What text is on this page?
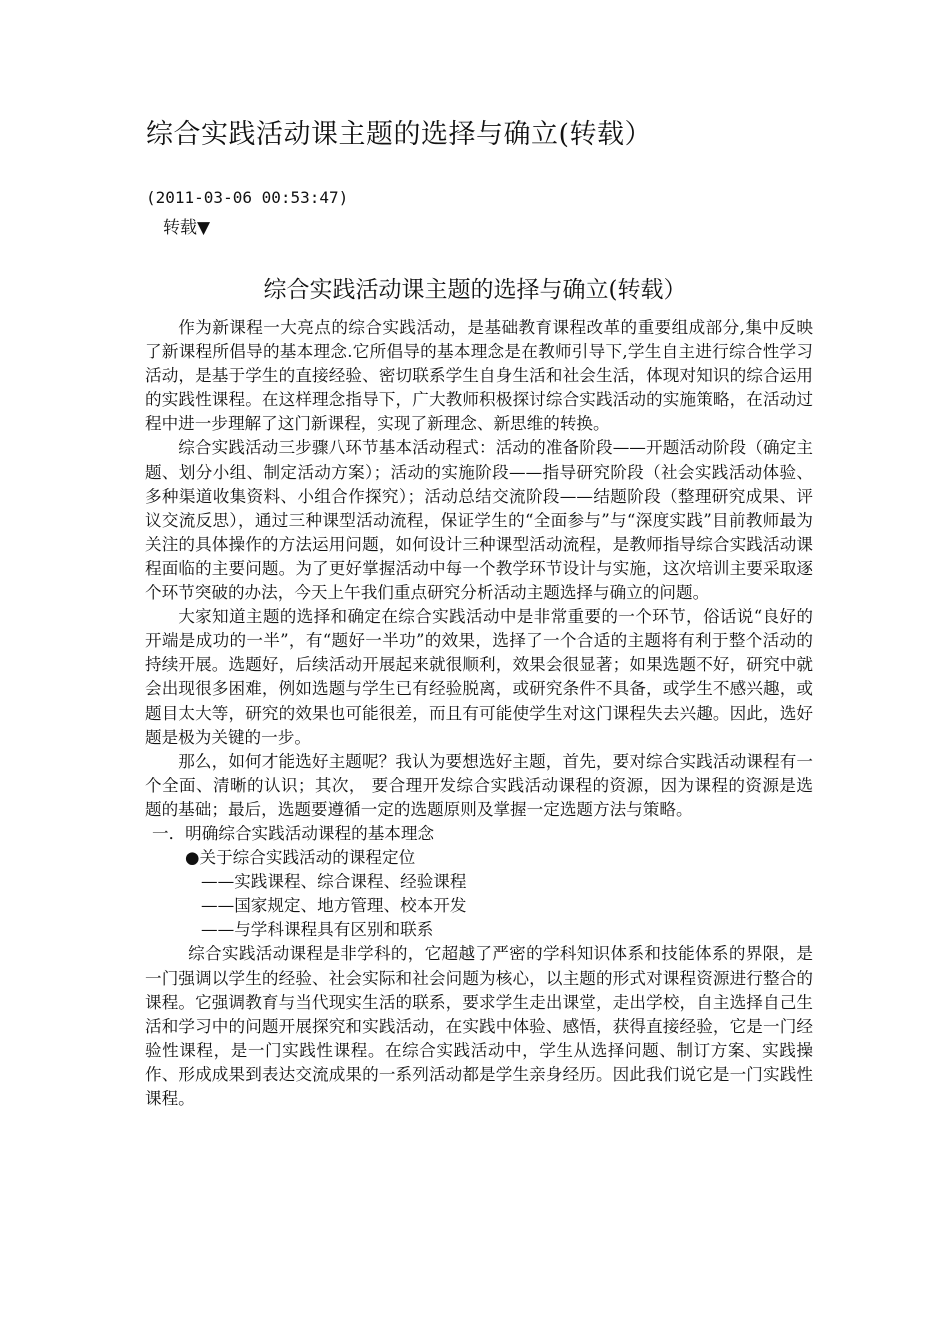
综合实践活动课主题的选择与确立(转载）
(2011-03-06 00:53:47)
转载▼
综合实践活动课主题的选择与确立(转载）

作为新课程一大亮点的综合实践活动，是基础教育课程改革的重要组成部分,集中反映了新课程所倡导的基本理念.它所倡导的基本理念是在教师引导下,学生自主进行综合性学习活动，是基于学生的直接经验、密切联系学生自身生活和社会生活，体现对知识的综合运用的实践性课程。在这样理念指导下，广大教师积极探讨综合实践活动的实施策略，在活动过程中进一步理解了这门新课程，实现了新理念、新思维的转换。

综合实践活动三步骤八环节基本活动程式：活动的准备阶段——开题活动阶段（确定主题、划分小组、制定活动方案）；活动的实施阶段——指导研究阶段（社会实践活动体验、多种渠道收集资料、小组合作探究）；活动总结交流阶段——结题阶段（整理研究成果、评议交流反思），通过三种课型活动流程，保证学生的“全面参与”与“深度实践”目前教师最为关注的具体操作的方法运用问题，如何设计三种课型活动流程，是教师指导综合实践活动课程面临的主要问题。为了更好掌握活动中每一个教学环节设计与实施，这次培训主要采取逐个环节突破的办法，今天上午我们重点研究分析活动主题选择与确立的问题。

大家知道主题的选择和确定在综合实践活动中是非常重要的一个环节，俗话说“良好的开端是成功的一半”，有“题好一半功”的效果，选择了一个合适的主题将有利于整个活动的持续开展。选题好，后续活动开展起来就很顺利，效果会很显著；如果选题不好，研究中就会出现很多困难，例如选题与学生已有经验脱离，或研究条件不具备，或学生不感兴趣，或题目太大等，研究的效果也可能很差，而且有可能使学生对这门课程失去兴趣。因此，选好题是极为关键的一步。

那么，如何才能选好主题呢？我认为要想选好主题，首先，要对综合实践活动课程有一个全面、清晰的认识；其次， 要合理开发综合实践活动课程的资源，因为课程的资源是选题的基础；最后，选题要遵循一定的选题原则及掌握一定选题方法与策略。

一．明确综合实践活动课程的基本理念

●关于综合实践活动的课程定位

——实践课程、综合课程、经验课程

——国家规定、地方管理、校本开发

——与学科课程具有区别和联系

综合实践活动课程是非学科的，它超越了严密的学科知识体系和技能体系的界限，是一门强调以学生的经验、社会实际和社会问题为核心，以主题的形式对课程资源进行整合的课程。它强调教育与当代现实生活的联系，要求学生走出课堂，走出学校，自主选择自己生活和学习中的问题开展探究和实践活动，在实践中体验、感悟，获得直接经验，它是一门经验性课程，是一门实践性课程。在综合实践活动中，学生从选择问题、制订方案、实践操作、形成成果到表达交流成果的一系列活动都是学生亲身经历。因此我们说它是一门实践性课程。
